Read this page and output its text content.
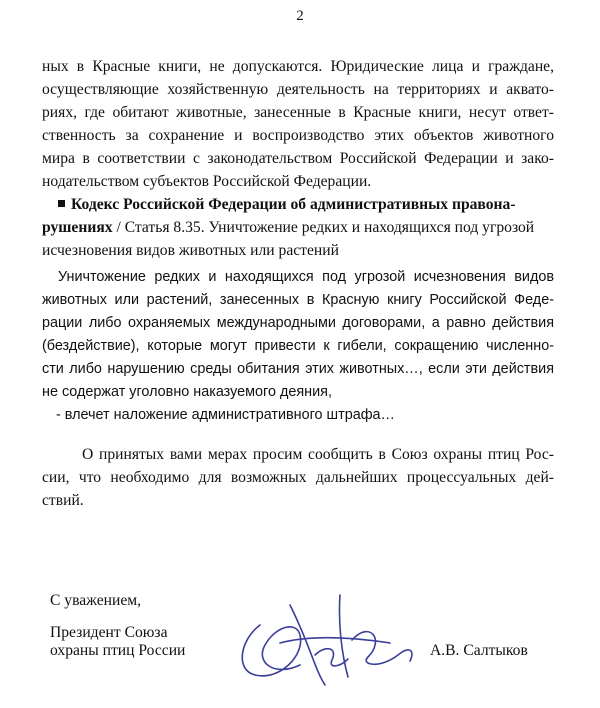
2
ных в Красные книги, не допускаются. Юридические лица и граждане,
осуществляющие хозяйственную деятельность на территориях и аквато-
риях, где обитают животные, занесенные в Красные книги, несут ответ-
ственность за сохранение и воспроизводство этих объектов животного
мира в соответствии с законодательством Российской Федерации и зако-
нодательством субъектов Российской Федерации.
Кодекс Российской Федерации об административных правона-
рушениях / Статья 8.35. Уничтожение редких и находящихся под угрозой
исчезновения видов животных или растений
Уничтожение редких и находящихся под угрозой исчезновения видов
животных или растений, занесенных в Красную книгу Российской Феде-
рации либо охраняемых международными договорами, а равно действия
(бездействие), которые могут привести к гибели, сокращению численно-
сти либо нарушению среды обитания этих животных…, если эти действия
не содержат уголовно наказуемого деяния,
- влечет наложение административного штрафа…
О принятых вами мерах просим сообщить в Союз охраны птиц Рос-
сии, что необходимо для возможных дальнейших процессуальных дей-
ствий.
С уважением,
Президент Союза
охраны птиц России	А.В. Салтыков
